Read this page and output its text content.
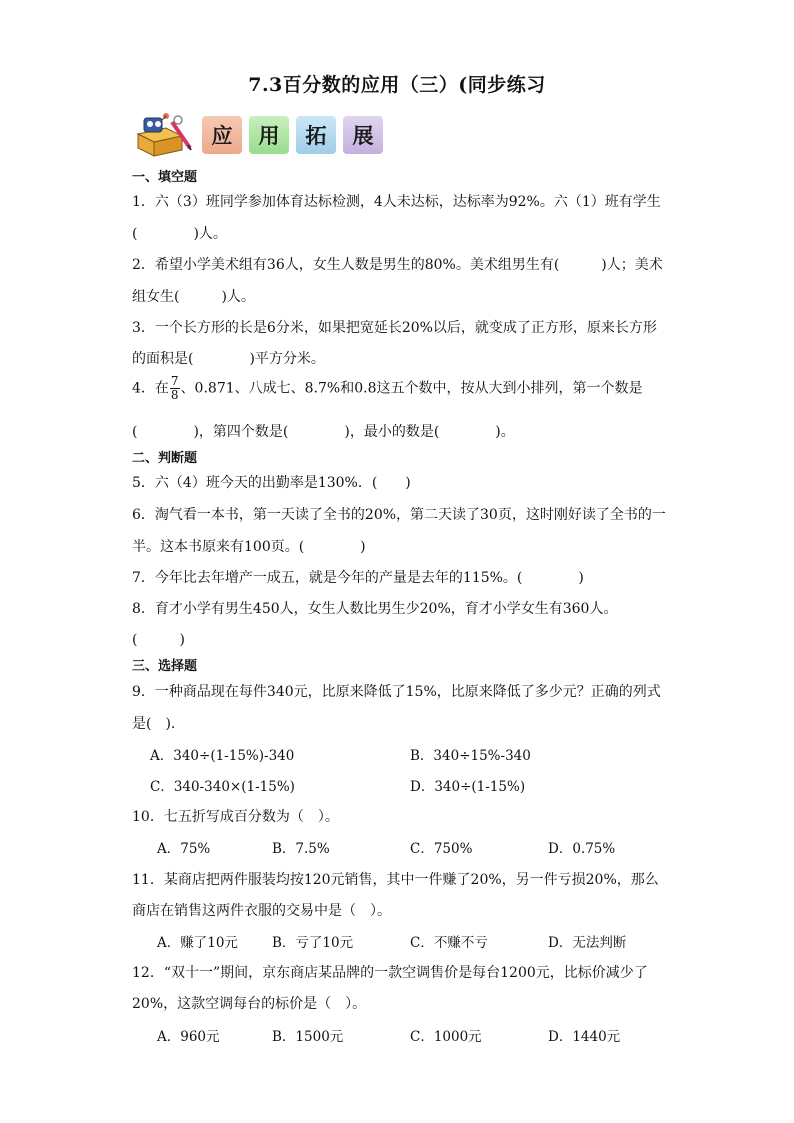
7.3百分数的应用（三）(同步练习
应	用	拓	展
一、填空题
1．六（3）班同学参加体育达标检测，4人未达标，达标率为92%。六（1）班有学生
(　　　　)人。
2．希望小学美术组有36人，女生人数是男生的80%。美术组男生有(　　　)人；美术
组女生(　　　)人。
3．一个长方形的长是6分米，如果把宽延长20%以后，就变成了正方形，原来长方形
的面积是(　　　　)平方分米。
4．在 $\frac{7}{8}$ 、0.871、八成七、8.7%和0.8这五个数中，按从大到小排列，第一个数是
(　　　　)，第四个数是(　　　　)，最小的数是(　　　　)。
二、判断题
5．六（4）班今天的出勤率是130%．(　　)
6．淘气看一本书，第一天读了全书的20%，第二天读了30页，这时刚好读了全书的一
半。这本书原来有100页。(　　　　)
7．今年比去年增产一成五，就是今年的产量是去年的115%。(　　　　)
8．育才小学有男生450人，女生人数比男生少20%，育才小学女生有360人。
(　　　)
三、选择题
9．一种商品现在每件340元，比原来降低了15%，比原来降低了多少元？正确的列式
是(　).
A．340÷(1-15%)-340	B．340÷15%-340
C．340-340×(1-15%)	D．340÷(1-15%)
10．七五折写成百分数为（　）。
A．75%	B．7.5%	C．750%	D．0.75%
11．某商店把两件服装均按120元销售，其中一件赚了20%，另一件亏损20%，那么
商店在销售这两件衣服的交易中是（　）。
A．赚了10元	B．亏了10元	C．不赚不亏	D．无法判断
12．“双十一”期间，京东商店某品牌的一款空调售价是每台1200元，比标价减少了
20%，这款空调每台的标价是（　）。
A．960元	B．1500元	C．1000元	D．1440元
